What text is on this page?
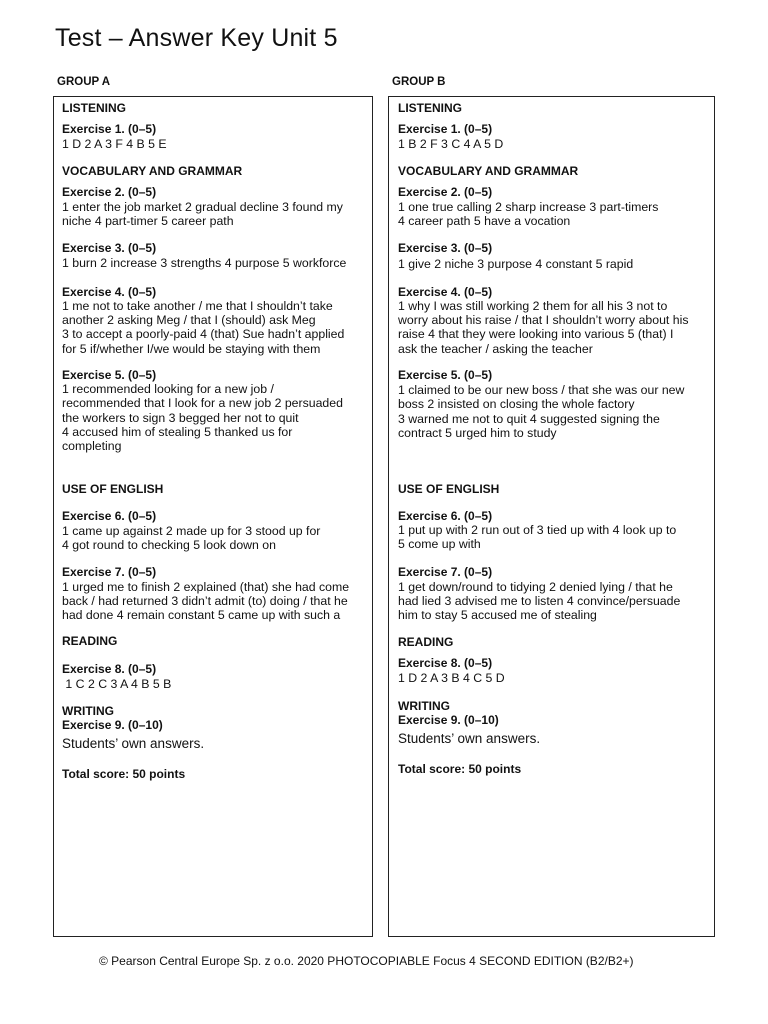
Test – Answer Key Unit 5
GROUP A	GROUP B
LISTENING
Exercise 1. (0–5)
1 D 2 A 3 F 4 B 5 E
VOCABULARY AND GRAMMAR
Exercise 2. (0–5)
1 enter the job market 2 gradual decline 3 found my
niche 4 part-timer 5 career path
Exercise 3. (0–5)
1 burn 2 increase 3 strengths 4 purpose 5 workforce
Exercise 4. (0–5)
1 me not to take another / me that I shouldn’t take
another 2 asking Meg / that I (should) ask Meg
3 to accept a poorly-paid 4 (that) Sue hadn’t applied
for 5 if/whether I/we would be staying with them
Exercise 5. (0–5)
1 recommended looking for a new job /
recommended that I look for a new job 2 persuaded
the workers to sign 3 begged her not to quit
4 accused him of stealing 5 thanked us for
completing
USE OF ENGLISH
Exercise 6. (0–5)
1 came up against 2 made up for 3 stood up for
4 got round to checking 5 look down on
Exercise 7. (0–5)
1 urged me to finish 2 explained (that) she had come
back / had returned 3 didn’t admit (to) doing / that he
had done 4 remain constant 5 came up with such a
READING
Exercise 8. (0–5)
1 C 2 C 3 A 4 B 5 B
WRITING
Exercise 9. (0–10)
Students’ own answers.
Total score: 50 points
LISTENING
Exercise 1. (0–5)
1 B 2 F 3 C 4 A 5 D
VOCABULARY AND GRAMMAR
Exercise 2. (0–5)
1 one true calling 2 sharp increase 3 part-timers
4 career path 5 have a vocation
Exercise 3. (0–5)
1 give 2 niche 3 purpose 4 constant 5 rapid
Exercise 4. (0–5)
1 why I was still working 2 them for all his 3 not to
worry about his raise / that I shouldn’t worry about his
raise 4 that they were looking into various 5 (that) I
ask the teacher / asking the teacher
Exercise 5. (0–5)
1 claimed to be our new boss / that she was our new
boss 2 insisted on closing the whole factory
3 warned me not to quit 4 suggested signing the
contract 5 urged him to study
USE OF ENGLISH
Exercise 6. (0–5)
1 put up with 2 run out of 3 tied up with 4 look up to
5 come up with
Exercise 7. (0–5)
1 get down/round to tidying 2 denied lying / that he
had lied 3 advised me to listen 4 convince/persuade
him to stay 5 accused me of stealing
READING
Exercise 8. (0–5)
1 D 2 A 3 B 4 C 5 D
WRITING
Exercise 9. (0–10)
Students’ own answers.
Total score: 50 points
© Pearson Central Europe Sp. z o.o. 2020 PHOTOCOPIABLE Focus 4 SECOND EDITION (B2/B2+)
